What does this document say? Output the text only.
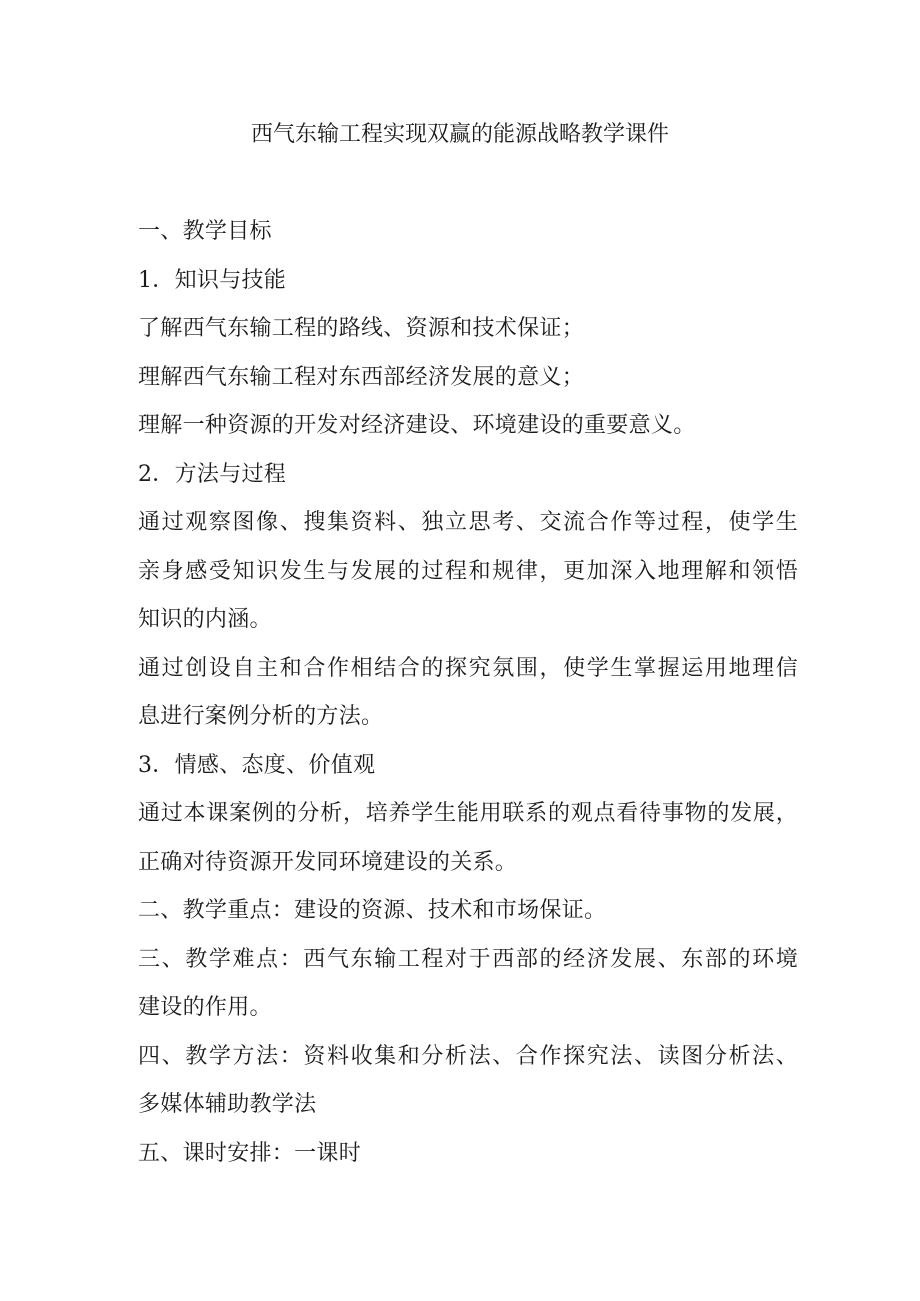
西气东输工程实现双赢的能源战略教学课件
一、教学目标
1．知识与技能
了解西气东输工程的路线、资源和技术保证；
理解西气东输工程对东西部经济发展的意义；
理解一种资源的开发对经济建设、环境建设的重要意义。
2．方法与过程
通过观察图像、搜集资料、独立思考、交流合作等过程，使学生
亲身感受知识发生与发展的过程和规律，更加深入地理解和领悟
知识的内涵。
通过创设自主和合作相结合的探究氛围，使学生掌握运用地理信
息进行案例分析的方法。
3．情感、态度、价值观
通过本课案例的分析，培养学生能用联系的观点看待事物的发展，
正确对待资源开发同环境建设的关系。
二、教学重点：建设的资源、技术和市场保证。
三、教学难点：西气东输工程对于西部的经济发展、东部的环境
建设的作用。
四、教学方法：资料收集和分析法、合作探究法、读图分析法、
多媒体辅助教学法
五、课时安排：一课时
